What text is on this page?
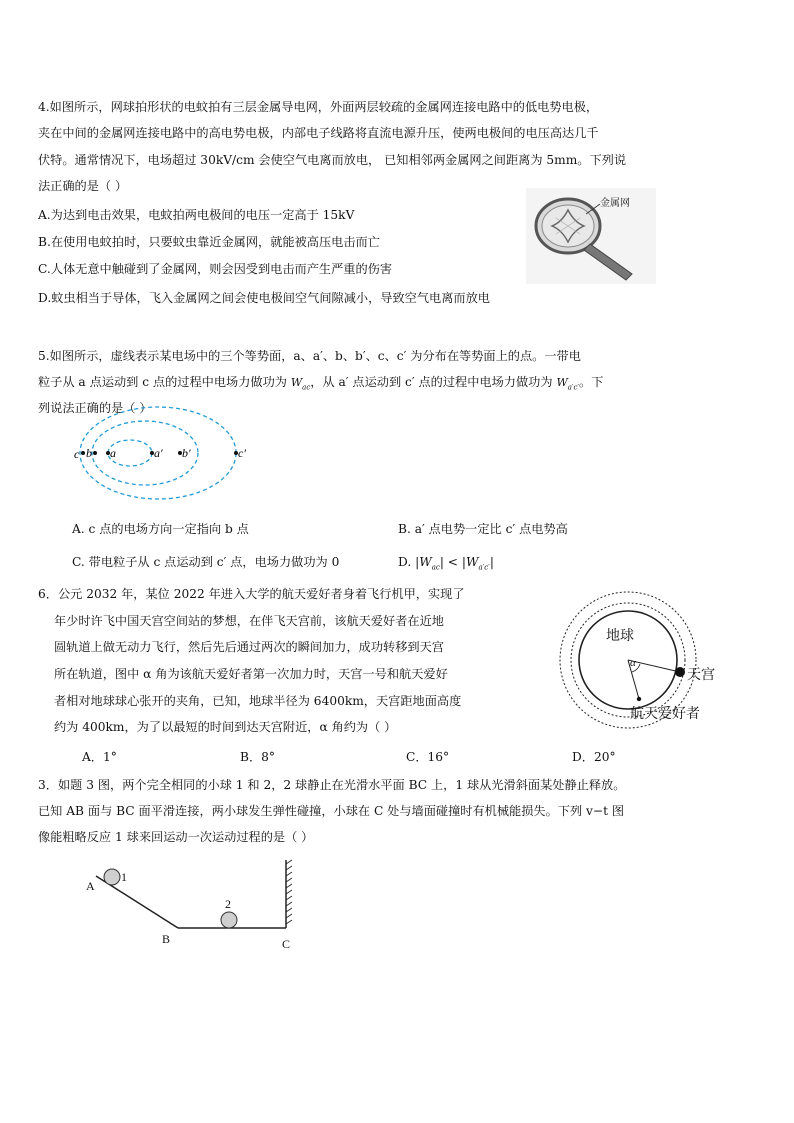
4.如图所示，网球拍形状的电蚊拍有三层金属导电网，外面两层较疏的金属网连接电路中的低电势电极，
夹在中间的金属网连接电路中的高电势电极，内部电子线路将直流电源升压，使两电极间的电压高达几千
伏特。通常情况下，电场超过 30kV/cm 会使空气电离而放电， 已知相邻两金属网之间距离为 5mm。下列说
法正确的是（ ）
A.为达到电击效果，电蚊拍两电极间的电压一定高于 15kV
B.在使用电蚊拍时，只要蚊虫靠近金属网，就能被高压电击而亡
C.人体无意中触碰到了金属网，则会因受到电击而产生严重的伤害
D.蚊虫相当于导体，飞入金属网之间会使电极间空气间隙减小，导致空气电离而放电
金属网
5.如图所示，虚线表示某电场中的三个等势面，a、a′、b、b′、c、c′ 为分布在等势面上的点。一带电
粒子从 a 点运动到 c 点的过程中电场力做功为 $W_{ac}$，从 a′ 点运动到 c′ 点的过程中电场力做功为 $W_{a'c'}$。下
列说法正确的是（ ）
c b a	a′ b′	c′
A. c 点的电场方向一定指向 b 点	B. a′ 点电势一定比 c′ 点电势高
C. 带电粒子从 c 点运动到 c′ 点，电场力做功为 0	D. $|W_{ac}| < |W_{a'c'}|$
6．公元 2032 年，某位 2022 年进入大学的航天爱好者身着飞行机甲，实现了
年少时许飞中国天宫空间站的梦想，在伴飞天宫前，该航天爱好者在近地
圆轨道上做无动力飞行，然后先后通过两次的瞬间加力，成功转移到天宫
所在轨道，图中 α 角为该航天爱好者第一次加力时，天宫一号和航天爱好
者相对地球球心张开的夹角，已知，地球半径为 6400km，天宫距地面高度
约为 400km，为了以最短的时间到达天宫附近，α 角约为（ ）
A．1°	B．8°	C．16°	D．20°
地球
α
天宫
航天爱好者
3．如题 3 图，两个完全相同的小球 1 和 2，2 球静止在光滑水平面 BC 上，1 球从光滑斜面某处静止释放。
已知 AB 面与 BC 面平滑连接，两小球发生弹性碰撞，小球在 C 处与墙面碰撞时有机械能损失。下列 v−t 图
像能粗略反应 1 球来回运动一次运动过程的是（ ）
1
2
A
B	C
